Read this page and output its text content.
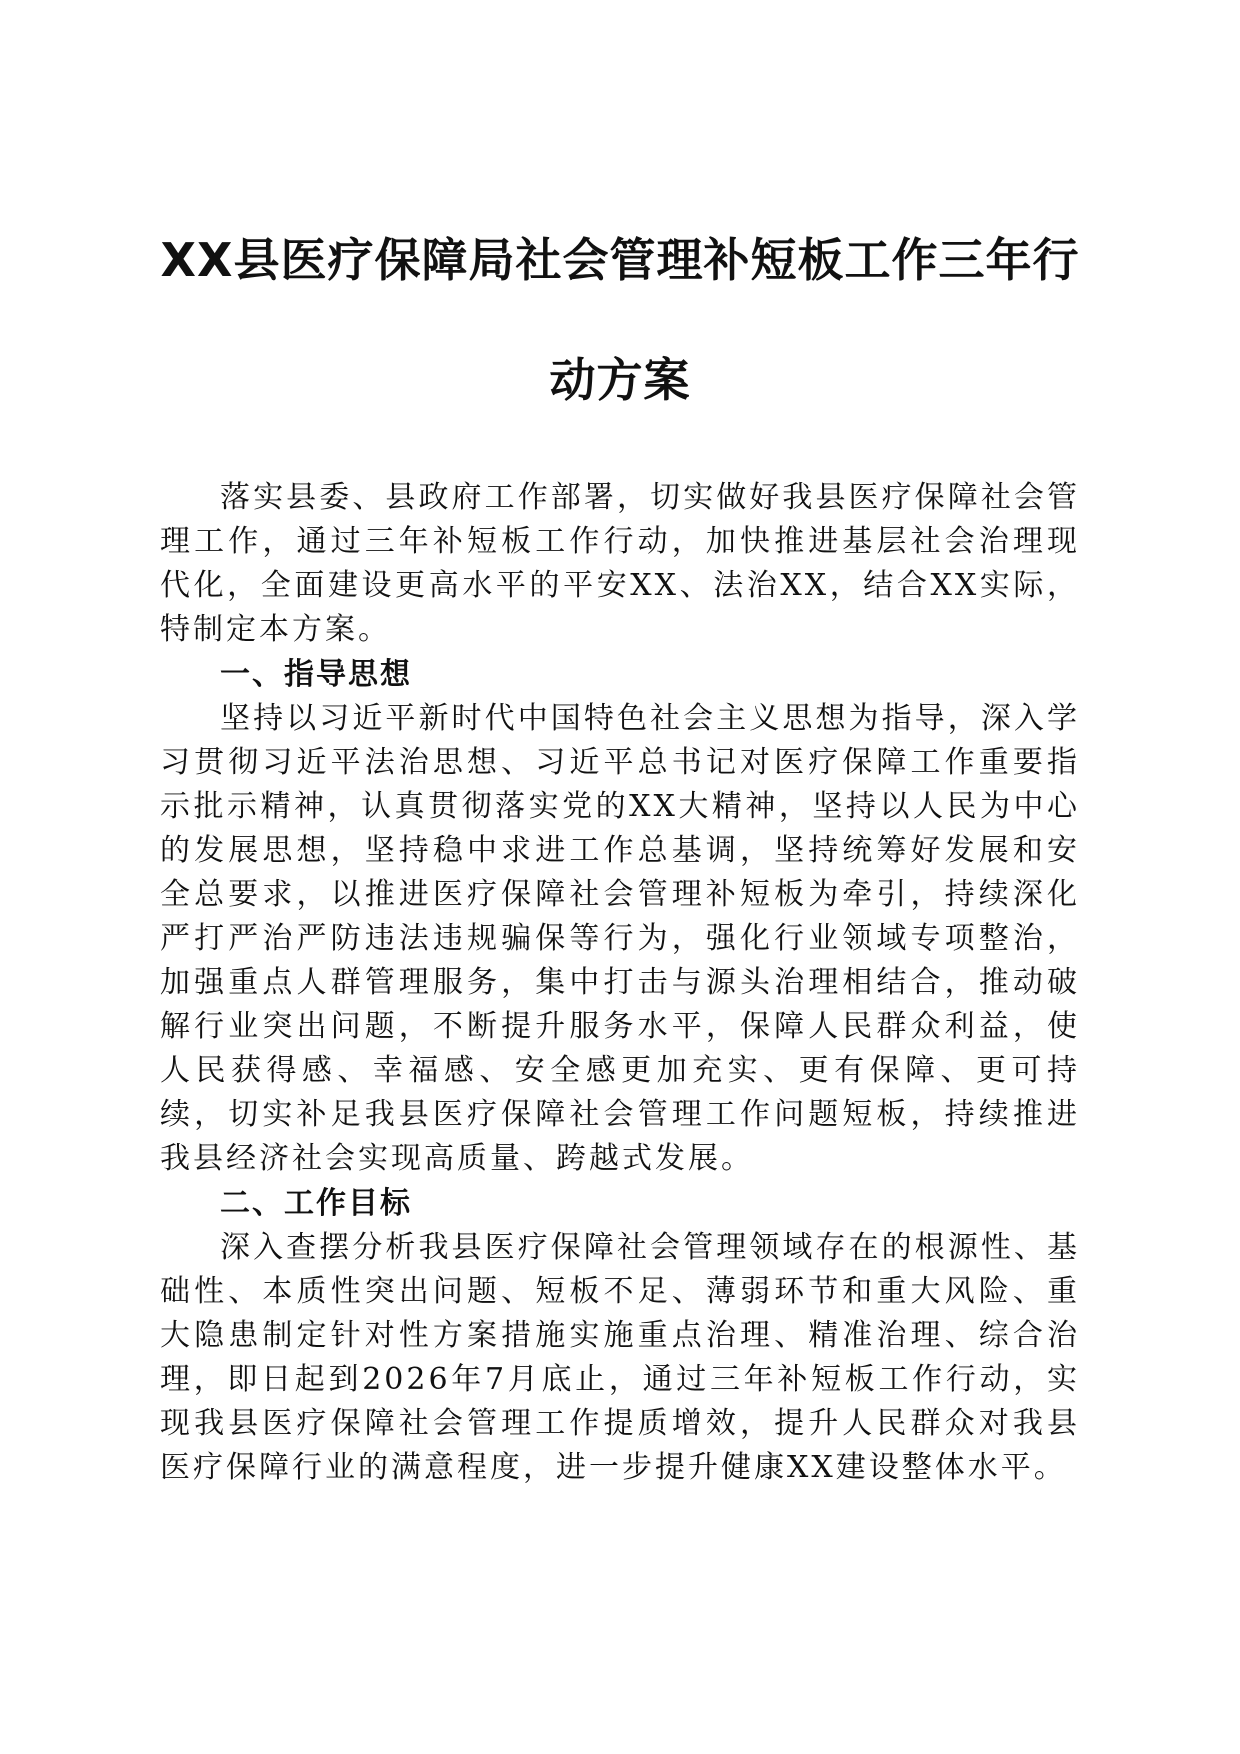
XX县医疗保障局社会管理补短板工作三年行
动方案

落实县委、县政府工作部署，切实做好我县医疗保障社会管理工作，通过三年补短板工作行动，加快推进基层社会治理现代化，全面建设更高水平的平安XX、法治XX，结合XX实际，特制定本方案。

一、指导思想

坚持以习近平新时代中国特色社会主义思想为指导，深入学习贯彻习近平法治思想、习近平总书记对医疗保障工作重要指示批示精神，认真贯彻落实党的XX大精神，坚持以人民为中心的发展思想，坚持稳中求进工作总基调，坚持统筹好发展和安全总要求，以推进医疗保障社会管理补短板为牵引，持续深化严打严治严防违法违规骗保等行为，强化行业领域专项整治，加强重点人群管理服务，集中打击与源头治理相结合，推动破解行业突出问题，不断提升服务水平，保障人民群众利益，使人民获得感、幸福感、安全感更加充实、更有保障、更可持续，切实补足我县医疗保障社会管理工作问题短板，持续推进我县经济社会实现高质量、跨越式发展。

二、工作目标

深入查摆分析我县医疗保障社会管理领域存在的根源性、基础性、本质性突出问题、短板不足、薄弱环节和重大风险、重大隐患制定针对性方案措施实施重点治理、精准治理、综合治理，即日起到2026年7月底止，通过三年补短板工作行动，实现我县医疗保障社会管理工作提质增效，提升人民群众对我县医疗保障行业的满意程度，进一步提升健康XX建设整体水平。
